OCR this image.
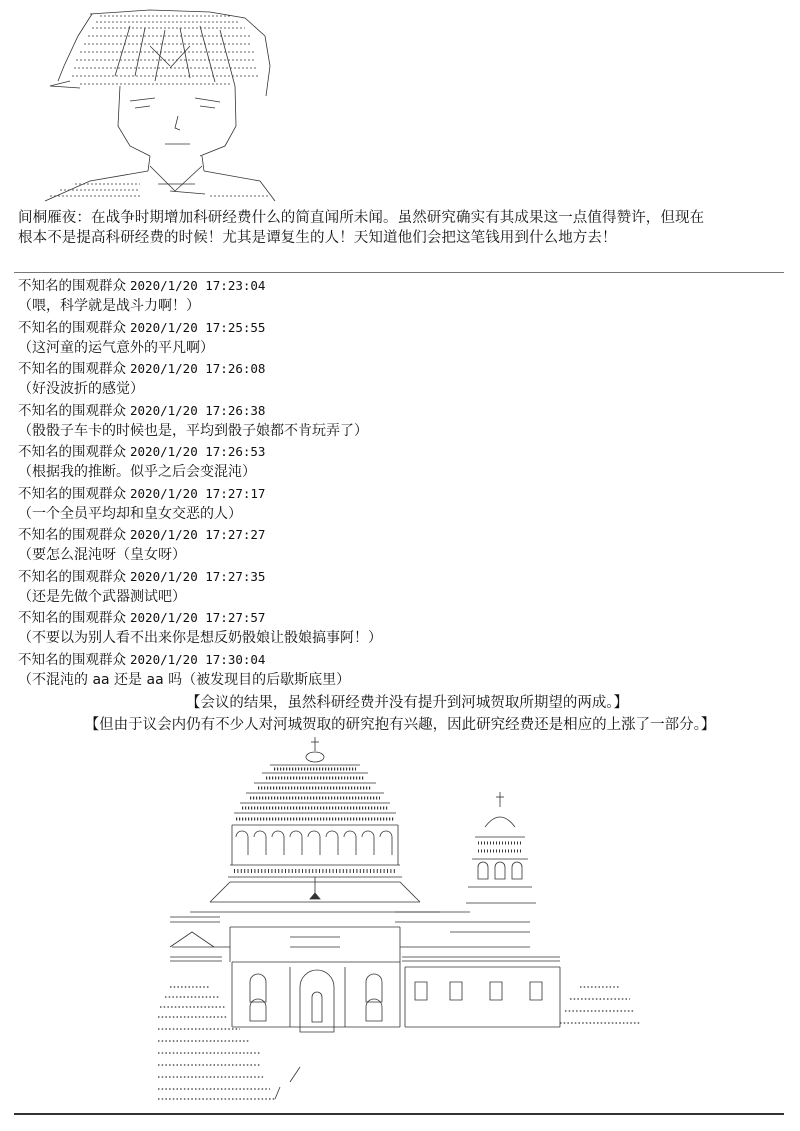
间桐雁夜：在战争时期增加科研经费什么的简直闻所未闻。虽然研究确实有其成果这一点值得赞许，但现在
根本不是提高科研经费的时候！尤其是谭复生的人！天知道他们会把这笔钱用到什么地方去！
不知名的围观群众 2020/1/20 17:23:04
（喂，科学就是战斗力啊！）
不知名的围观群众 2020/1/20 17:25:55
（这河童的运气意外的平凡啊）
不知名的围观群众 2020/1/20 17:26:08
（好没波折的感觉）
不知名的围观群众 2020/1/20 17:26:38
（骰骰子车卡的时候也是，平均到骰子娘都不肯玩弄了）
不知名的围观群众 2020/1/20 17:26:53
（根据我的推断。似乎之后会变混沌）
不知名的围观群众 2020/1/20 17:27:17
（一个全员平均却和皇女交恶的人）
不知名的围观群众 2020/1/20 17:27:27
（要怎么混沌呀（皇女呀）
不知名的围观群众 2020/1/20 17:27:35
（还是先做个武器测试吧）
不知名的围观群众 2020/1/20 17:27:57
（不要以为别人看不出来你是想反奶骰娘让骰娘搞事阿！）
不知名的围观群众 2020/1/20 17:30:04
（不混沌的 aa 还是 aa 吗（被发现目的后歇斯底里）
【会议的结果，虽然科研经费并没有提升到河城贺取所期望的两成。】
【但由于议会内仍有不少人对河城贺取的研究抱有兴趣，因此研究经费还是相应的上涨了一部分。】
